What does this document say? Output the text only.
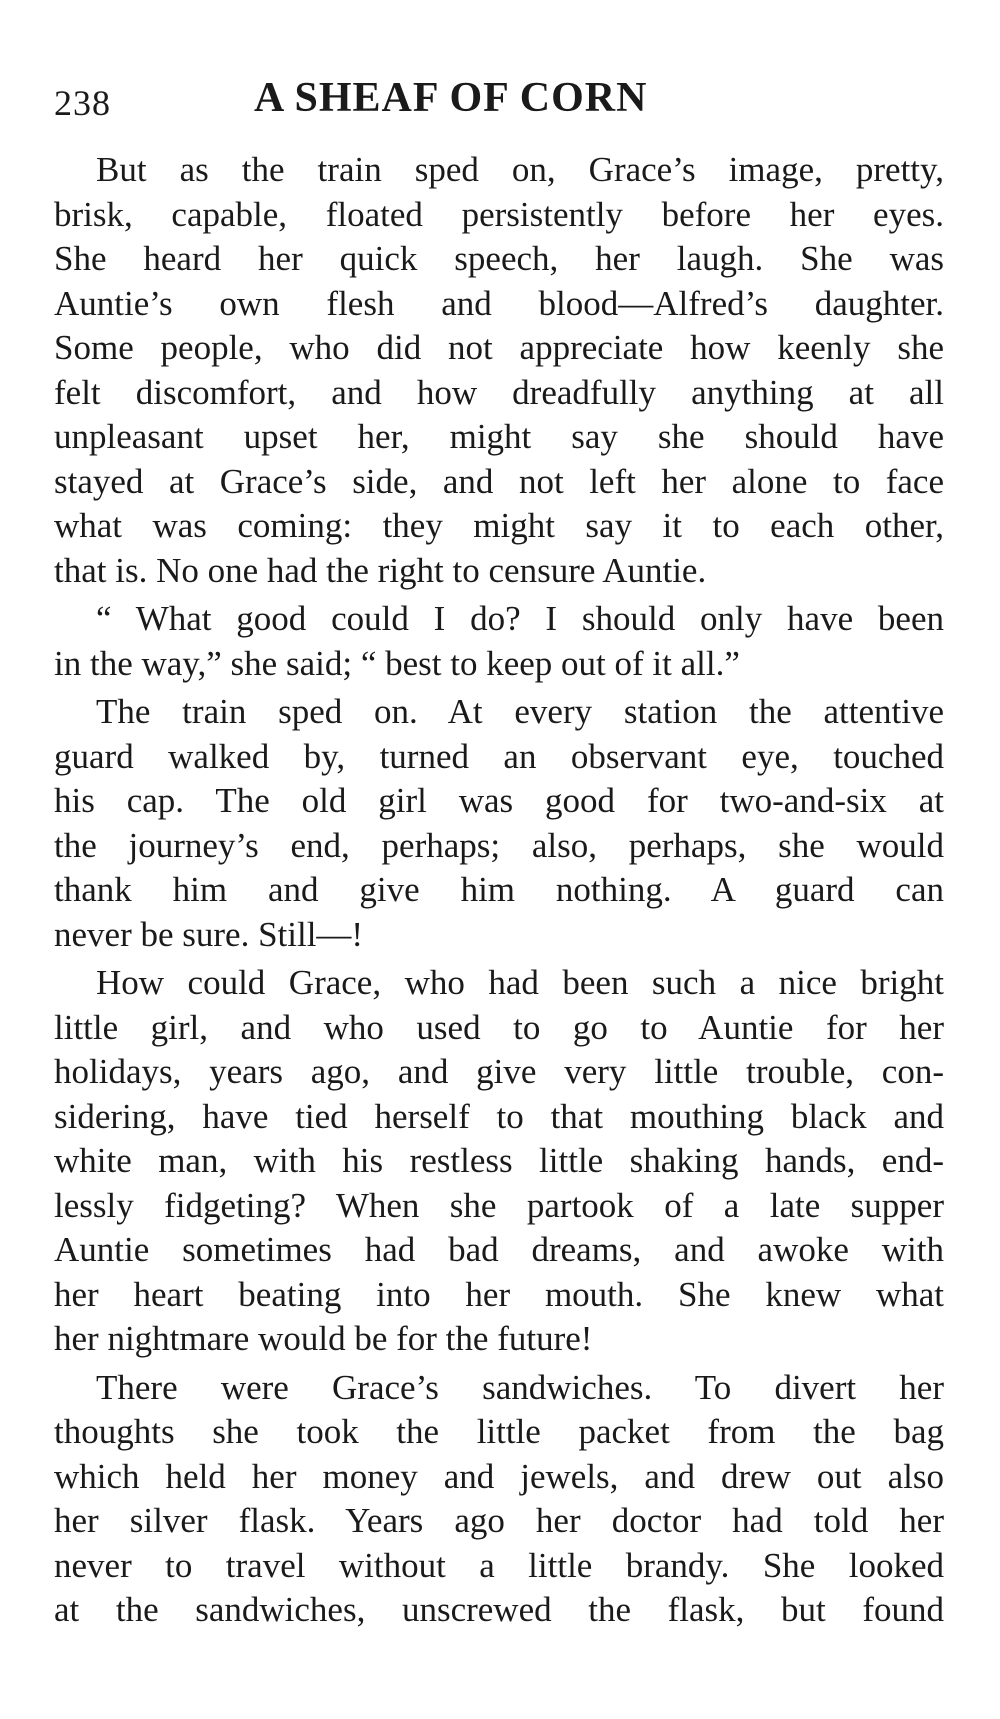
238	A SHEAF OF CORN
But as the train sped on, Grace’s image, pretty,
brisk, capable, floated persistently before her eyes.
She heard her quick speech, her laugh. She was
Auntie’s own flesh and blood—Alfred’s daughter.
Some people, who did not appreciate how keenly she
felt discomfort, and how dreadfully anything at all
unpleasant upset her, might say she should have
stayed at Grace’s side, and not left her alone to face
what was coming: they might say it to each other,
that is. No one had the right to censure Auntie.
“ What good could I do? I should only have been
in the way,” she said; “ best to keep out of it all.”
The train sped on. At every station the attentive
guard walked by, turned an observant eye, touched
his cap. The old girl was good for two-and-six at
the journey’s end, perhaps; also, perhaps, she would
thank him and give him nothing. A guard can
never be sure. Still—!
How could Grace, who had been such a nice bright
little girl, and who used to go to Auntie for her
holidays, years ago, and give very little trouble, con-
sidering, have tied herself to that mouthing black and
white man, with his restless little shaking hands, end-
lessly fidgeting? When she partook of a late supper
Auntie sometimes had bad dreams, and awoke with
her heart beating into her mouth. She knew what
her nightmare would be for the future!
There were Grace’s sandwiches. To divert her
thoughts she took the little packet from the bag
which held her money and jewels, and drew out also
her silver flask. Years ago her doctor had told her
never to travel without a little brandy. She looked
at the sandwiches, unscrewed the flask, but found
